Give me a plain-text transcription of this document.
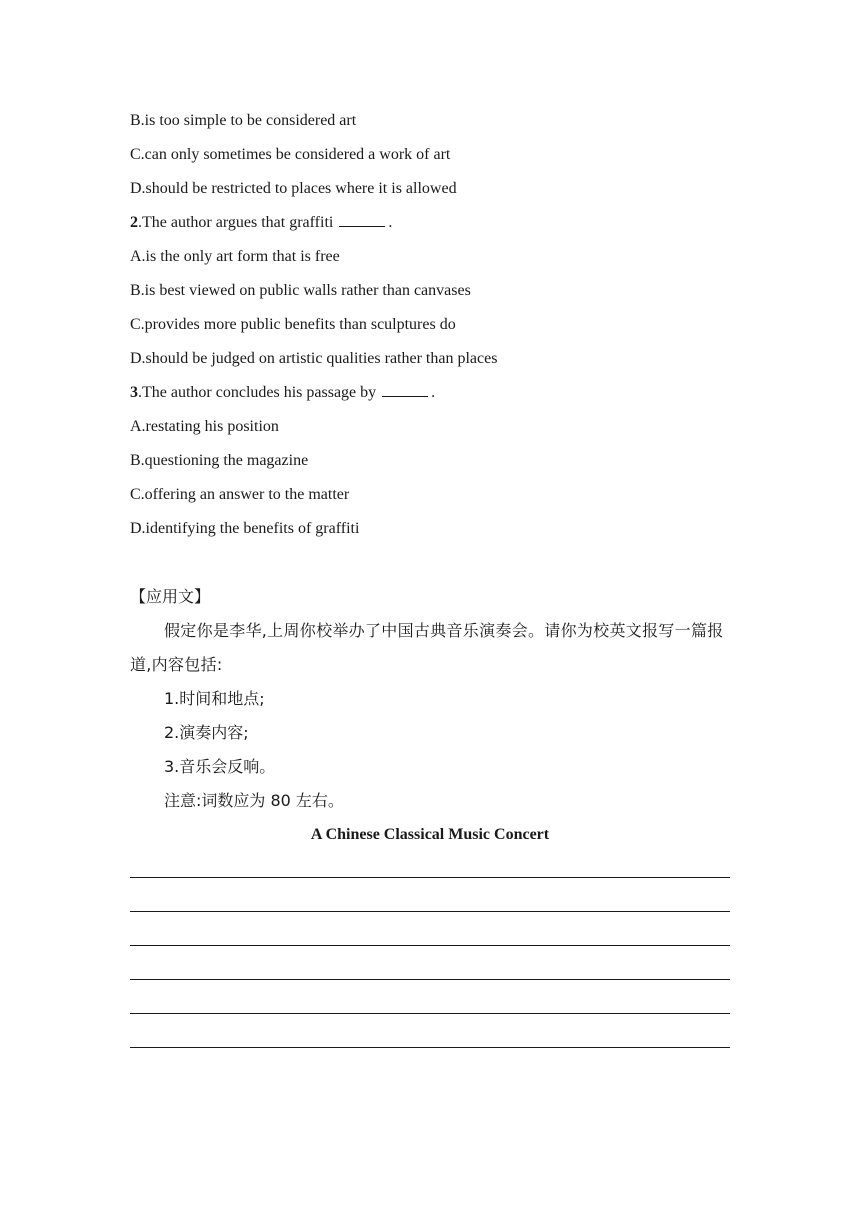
B.is too simple to be considered art
C.can only sometimes be considered a work of art
D.should be restricted to places where it is allowed
2.The author argues that graffiti	.
A.is the only art form that is free
B.is best viewed on public walls rather than canvases
C.provides more public benefits than sculptures do
D.should be judged on artistic qualities rather than places
3.The author concludes his passage by	.
A.restating his position
B.questioning the magazine
C.offering an answer to the matter
D.identifying the benefits of graffiti
【应用文】

假定你是李华,上周你校举办了中国古典音乐演奏会。请你为校英文报写一篇报道,内容包括:

1.时间和地点;
2.演奏内容;
3.音乐会反响。
注意:词数应为 80 左右。
A Chinese Classical Music Concert
